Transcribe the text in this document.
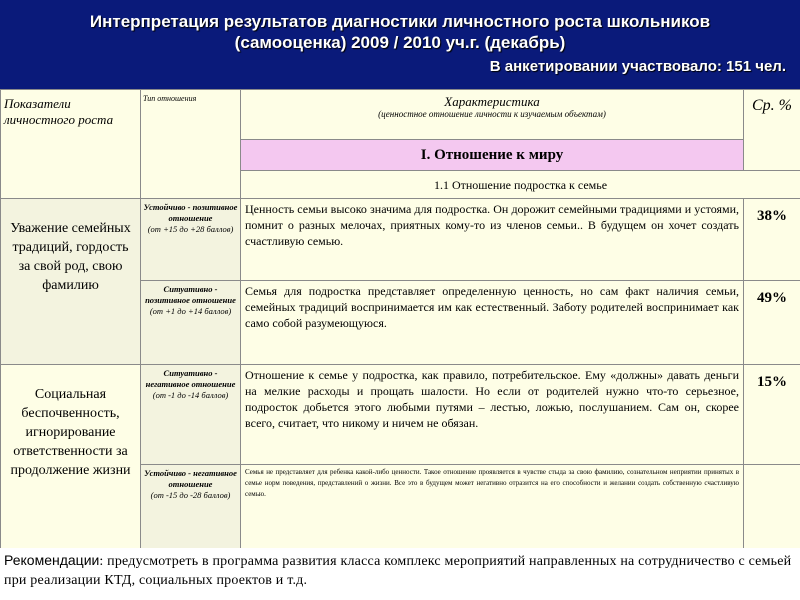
Интерпретация результатов диагностики личностного роста школьников
(самооценка) 2009 / 2010 уч.г. (декабрь)
В анкетировании участвовало: 151 чел.
Показатели личностного роста	Тип отношения	Характеристика
(ценностное отношение личности к изучаемым объектам)	Ср. %
		I. Отношение к миру	
		1.1 Отношение подростка к семье	
Уважение семейных традиций, гордость за свой род, свою фамилию	Устойчиво - позитивное отношение
(от +15 до +28 баллов)	Ценность семьи высоко значима для подростка. Он дорожит семейными традициями и устоями, помнит о разных мелочах, приятных кому-то из членов семьи.. В будущем он хочет создать счастливую семью.	38%

	Ситуативно - позитивное отношение
(от +1 до +14 баллов)	Семья для подростка представляет определенную ценность, но сам факт наличия семьи, семейных традиций воспринимается им как естественный. Заботу родителей воспринимает как само собой разумеющуюся.	49%
Социальная беспочвенность, игнорирование ответственности за продолжение жизни	Ситуативно - негативное отношение
(от -1 до -14 баллов)	Отношение к семье у подростка, как правило, потребительское. Ему «должны» давать деньги на мелкие расходы и прощать шалости. Но если от родителей нужно что-то серьезное, подросток добьется этого любыми путями – лестью, ложью, послушанием. Сам он, скорее всего, считает, что никому и ничем не обязан.	15%

	Устойчиво - негативное отношение
(от -15 до -28 баллов)	Семья не представляет для ребенка какой-либо ценности. Такое отношение проявляется в чувстве стыда за свою фамилию, сознательном неприятии принятых в семье норм поведения, представлений о жизни. Все это в будущем может негативно отразится на его способности и желании создать собственную счастливую семью.	
Рекомендации: предусмотреть в программа развития класса комплекс мероприятий направленных на сотрудничество с семьей при реализации КТД, социальных проектов и т.д.
